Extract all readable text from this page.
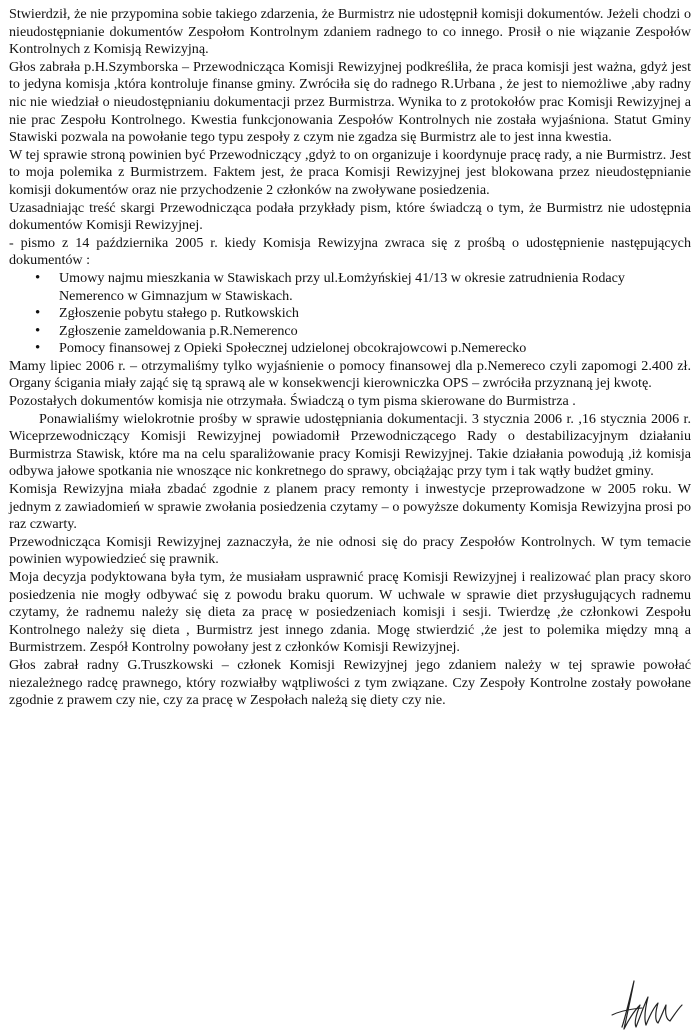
Stwierdził, że nie przypomina sobie takiego zdarzenia, że Burmistrz nie udostępnił komisji dokumentów. Jeżeli chodzi o nieudostępnianie dokumentów Zespołom Kontrolnym zdaniem radnego to co innego. Prosił o nie wiązanie Zespołów Kontrolnych z Komisją Rewizyjną.

Głos zabrała p.H.Szymborska – Przewodnicząca Komisji Rewizyjnej podkreśliła, że praca komisji jest ważna, gdyż jest to jedyna komisja ,która kontroluje finanse gminy. Zwróciła się do radnego R.Urbana , że jest to niemożliwe ,aby radny nic nie wiedział o nieudostępnianiu dokumentacji przez Burmistrza. Wynika to z protokołów prac Komisji Rewizyjnej a nie prac Zespołu Kontrolnego. Kwestia funkcjonowania Zespołów Kontrolnych nie została wyjaśniona. Statut Gminy Stawiski pozwala na powołanie tego typu zespoły z czym nie zgadza się Burmistrz ale to jest inna kwestia.

W tej sprawie stroną powinien być Przewodniczący ,gdyż to on organizuje i koordynuje pracę rady, a nie Burmistrz. Jest to moja polemika z Burmistrzem. Faktem jest, że praca Komisji Rewizyjnej jest blokowana przez nieudostępnianie komisji dokumentów oraz nie przychodzenie 2 członków na zwoływane posiedzenia.

Uzasadniając treść skargi Przewodnicząca podała przykłady pism, które świadczą o tym, że Burmistrz nie udostępnia dokumentów Komisji Rewizyjnej.

- pismo z 14 października 2005 r. kiedy Komisja Rewizyjna zwraca się z prośbą o udostępnienie następujących dokumentów :

• Umowy najmu mieszkania w Stawiskach przy ul.Łomżyńskiej 41/13 w okresie zatrudnienia Rodacy Nemerenco w Gimnazjum w Stawiskach.
• Zgłoszenie pobytu stałego p. Rutkowskich
• Zgłoszenie zameldowania p.R.Nemerenco
• Pomocy finansowej z Opieki Społecznej udzielonej obcokrajowcowi p.Nemerecko

Mamy lipiec 2006 r. – otrzymaliśmy tylko wyjaśnienie o pomocy finansowej dla p.Nemereco czyli zapomogi 2.400 zł. Organy ścigania miały zająć się tą sprawą ale w konsekwencji kierowniczka OPS – zwróciła przyznaną jej kwotę.

Pozostałych dokumentów komisja nie otrzymała. Świadczą o tym pisma skierowane do Burmistrza .

Ponawialiśmy wielokrotnie prośby w sprawie udostępniania dokumentacji. 3 stycznia 2006 r. ,16 stycznia 2006 r. Wiceprzewodniczący Komisji Rewizyjnej powiadomił Przewodniczącego Rady o destabilizacyjnym działaniu Burmistrza Stawisk, które ma na celu sparaliżowanie pracy Komisji Rewizyjnej. Takie działania powodują ,iż komisja odbywa jałowe spotkania nie wnoszące nic konkretnego do sprawy, obciążając przy tym i tak wątły budżet gminy.

Komisja Rewizyjna miała zbadać zgodnie z planem pracy remonty i inwestycje przeprowadzone w 2005 roku. W jednym z zawiadomień w sprawie zwołania posiedzenia czytamy – o powyższe dokumenty Komisja Rewizyjna prosi po raz czwarty.

Przewodnicząca Komisji Rewizyjnej zaznaczyła, że nie odnosi się do pracy Zespołów Kontrolnych. W tym temacie powinien wypowiedzieć się prawnik.

Moja decyzja podyktowana była tym, że musiałam usprawnić pracę Komisji Rewizyjnej i realizować plan pracy skoro posiedzenia nie mogły odbywać się z powodu braku quorum. W uchwale w sprawie diet przysługujących radnemu czytamy, że radnemu należy się dieta za pracę w posiedzeniach komisji i sesji. Twierdzę ,że członkowi Zespołu Kontrolnego należy się dieta , Burmistrz jest innego zdania. Mogę stwierdzić ,że jest to polemika między mną a Burmistrzem. Zespół Kontrolny powołany jest z członków Komisji Rewizyjnej.

Głos zabrał radny G.Truszkowski – członek Komisji Rewizyjnej jego zdaniem należy w tej sprawie powołać niezależnego radcę prawnego, który rozwiałby wątpliwości z tym związane. Czy Zespoły Kontrolne zostały powołane zgodnie z prawem czy nie, czy za pracę w Zespołach należą się diety czy nie.
